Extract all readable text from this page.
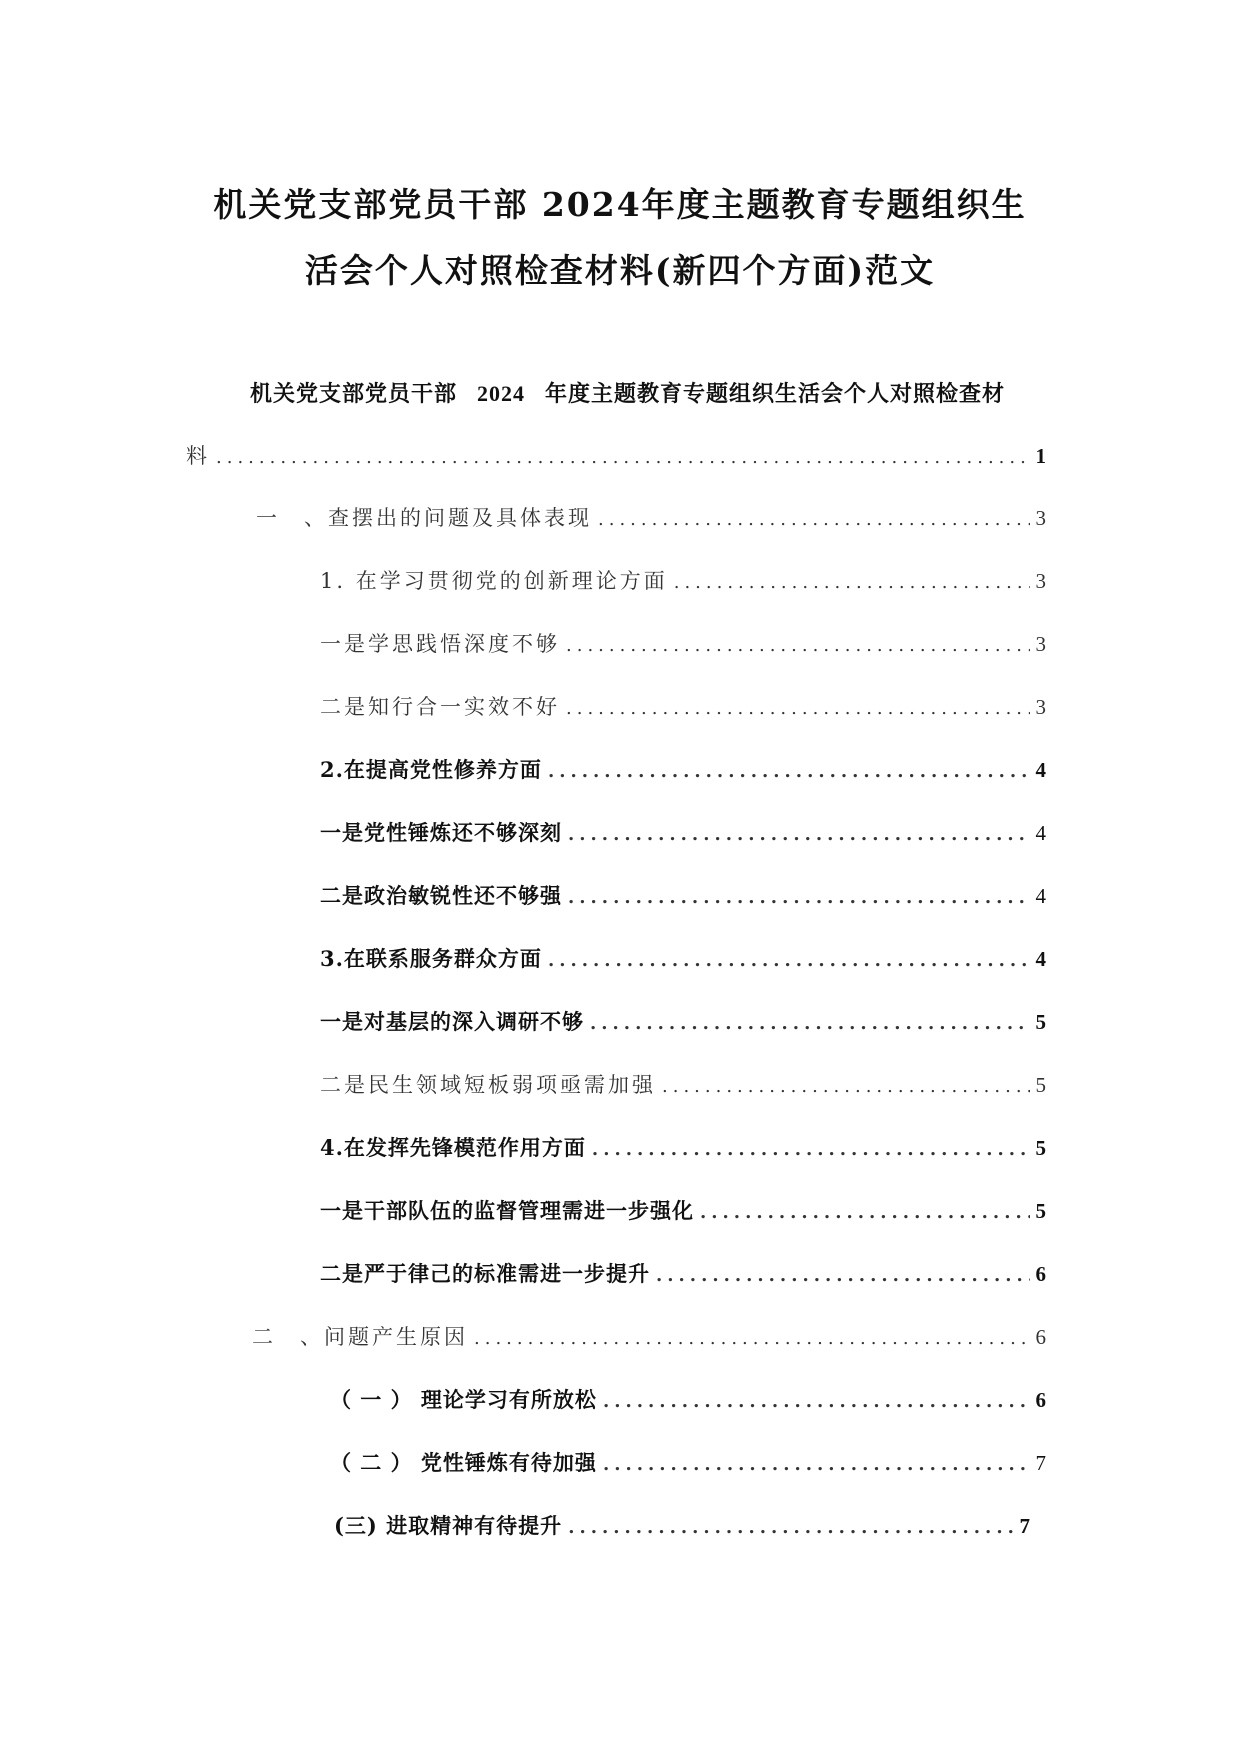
机关党支部党员干部 2024年度主题教育专题组织生
活会个人对照检查材料(新四个方面)范文
机关党支部党员干部 2024 年度主题教育专题组织生活会个人对照检查材
料 .....	1
一　、查摆出的问题及具体表现 .....	3
1. 在学习贯彻党的创新理论方面 .....	3
一是学思践悟深度不够 .....	3
二是知行合一实效不好 .....	3
2.在提高党性修养方面 .....	4
一是党性锤炼还不够深刻 .....	4
二是政治敏锐性还不够强 .....	4
3.在联系服务群众方面 .....	4
一是对基层的深入调研不够 .....	5
二是民生领域短板弱项亟需加强 .....	5
4.在发挥先锋模范作用方面 .....	5
一是干部队伍的监督管理需进一步强化 .....	5
二是严于律己的标准需进一步提升 .....	6
二　、问题产生原因 .....	6
（ 一 ） 理论学习有所放松 .....	6
（ 二 ） 党性锤炼有待加强 .....	7
(三) 进取精神有待提升 .....	7
